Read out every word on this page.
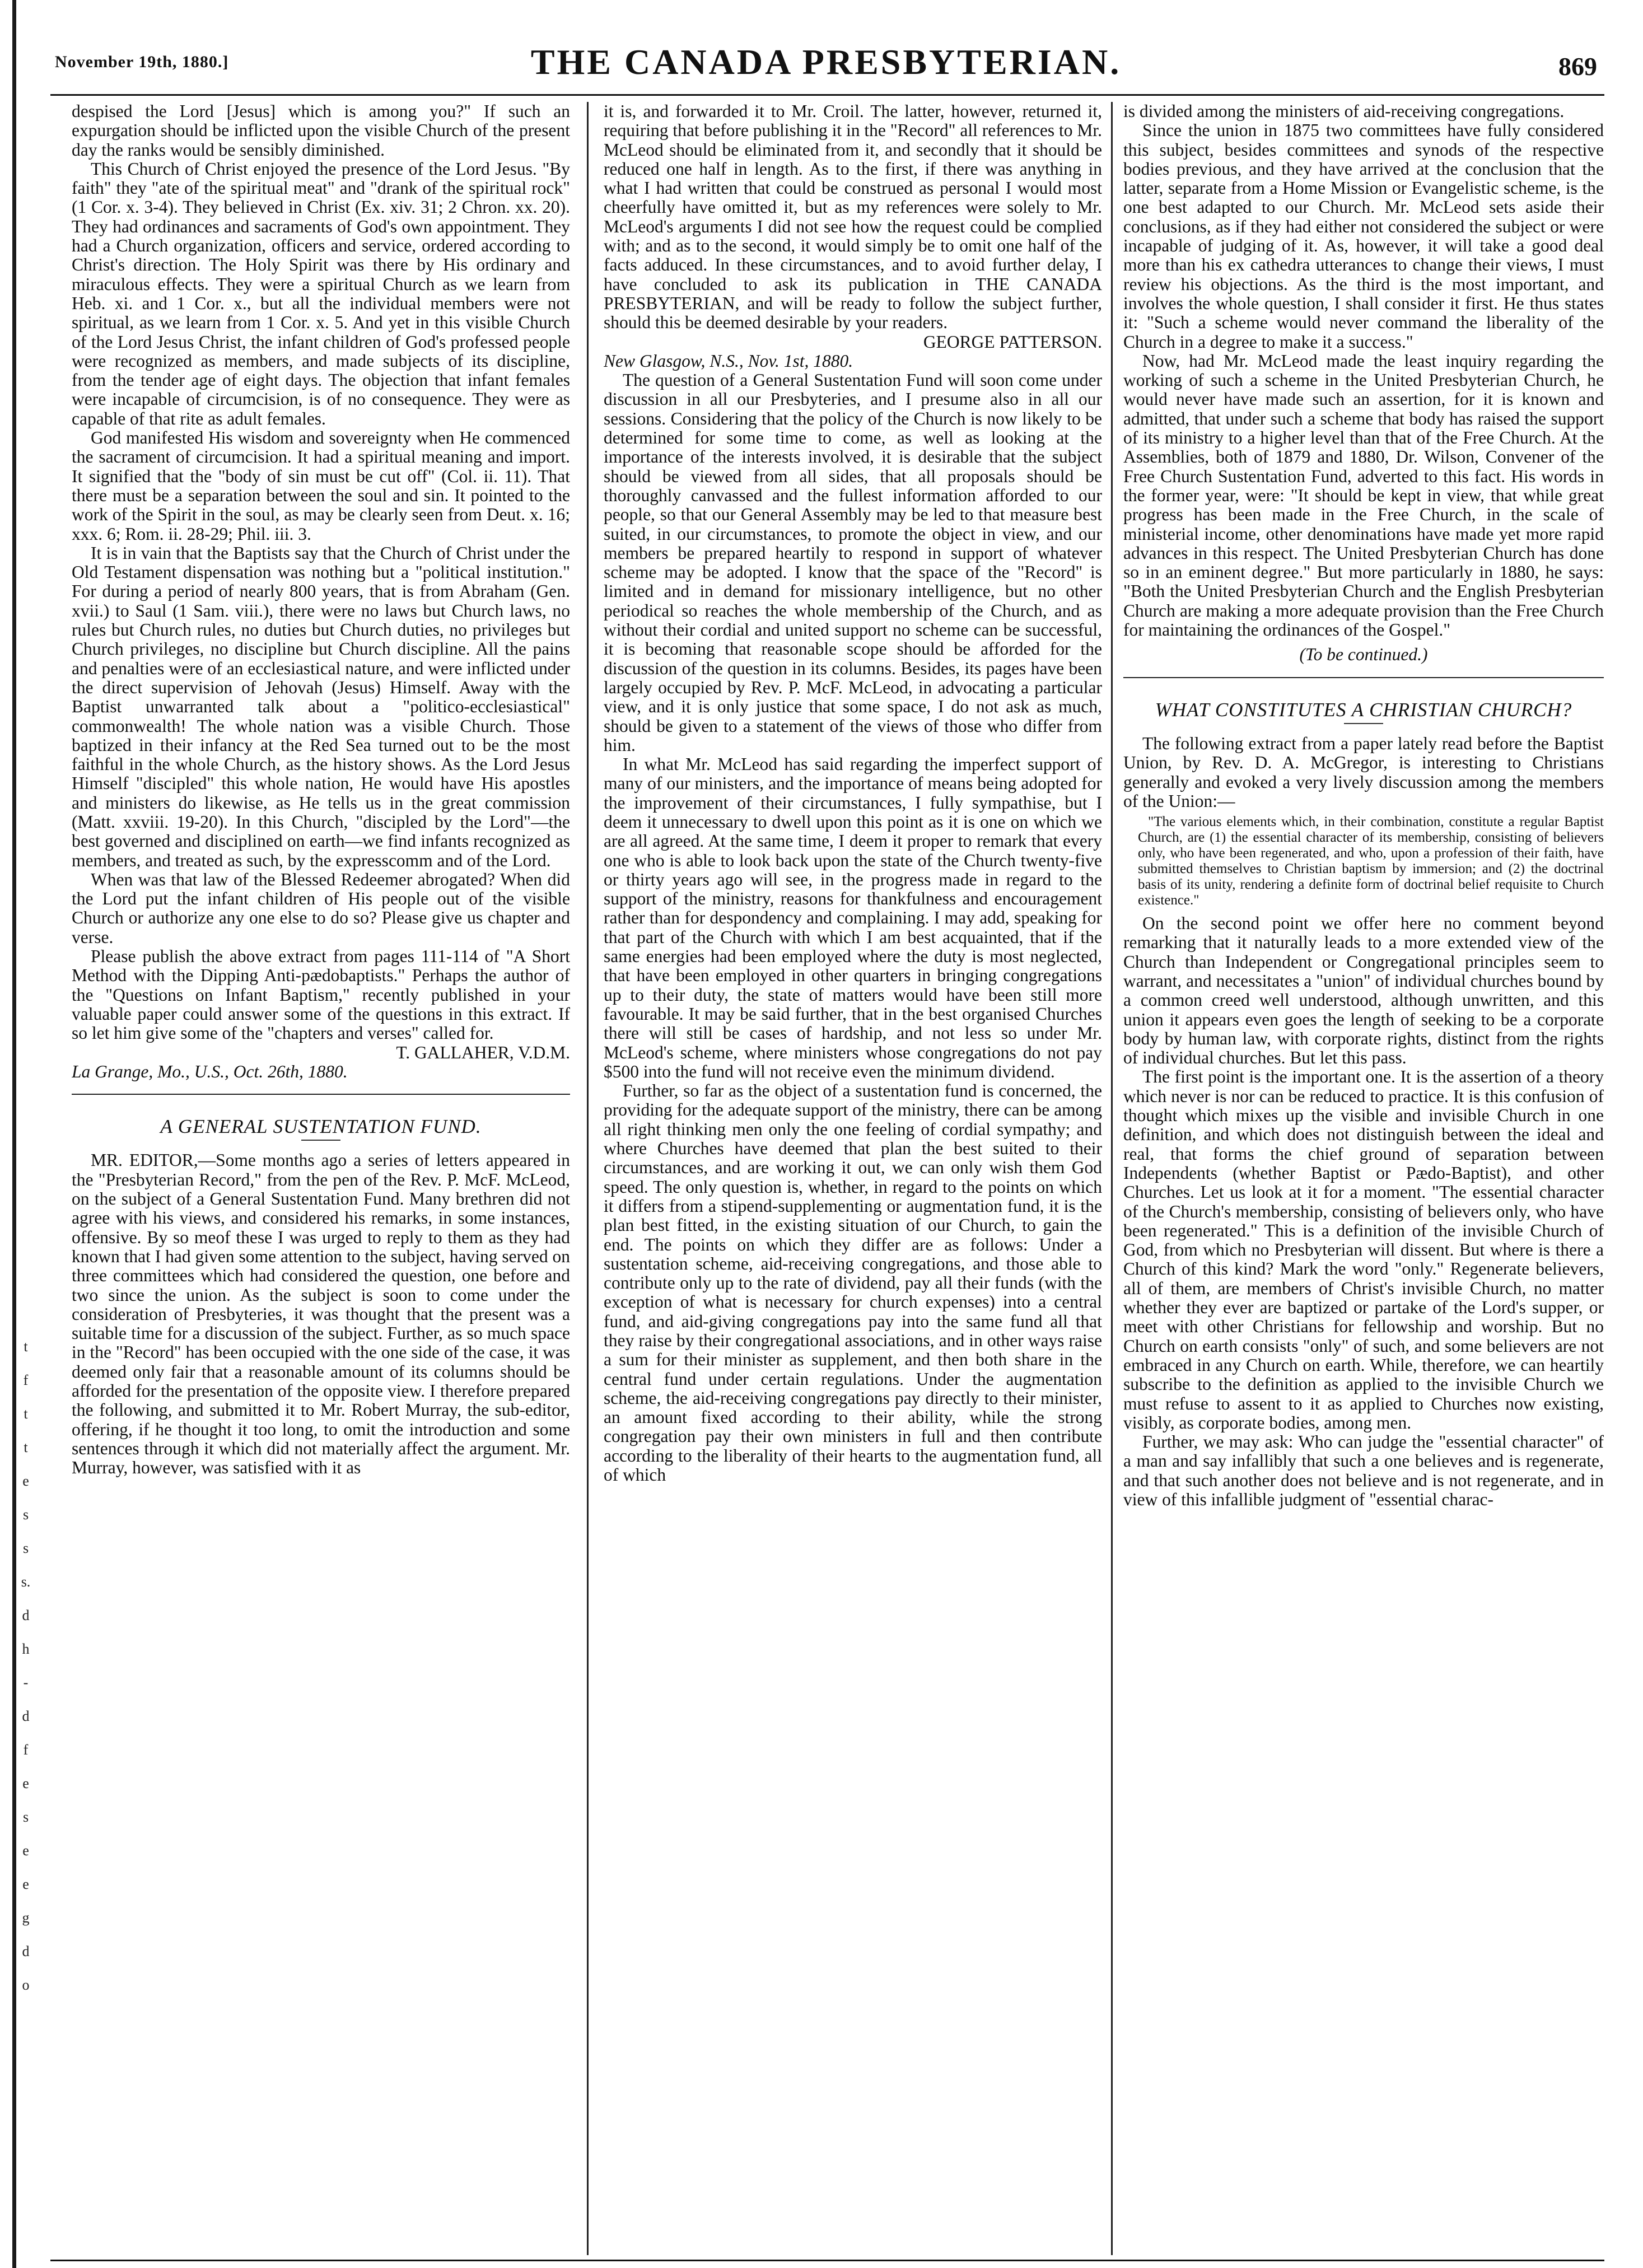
November 19th, 1880.]	THE CANADA PRESBYTERIAN.	869
t
f
t
t
e
s
s
s.
d
h
-
d
f
e
s
e
e
g
d
o

despised the Lord [Jesus] which is among you?" If such an expurgation should be inflicted upon the visible Church of the present day the ranks would be sensibly diminished.

This Church of Christ enjoyed the presence of the Lord Jesus. "By faith" they "ate of the spiritual meat" and "drank of the spiritual rock" (1 Cor. x. 3-4). They believed in Christ (Ex. xiv. 31; 2 Chron. xx. 20). They had ordinances and sacraments of God's own appointment. They had a Church organization, officers and service, ordered according to Christ's direction. The Holy Spirit was there by His ordinary and miraculous effects. They were a spiritual Church as we learn from Heb. xi. and 1 Cor. x., but all the individual members were not spiritual, as we learn from 1 Cor. x. 5. And yet in this visible Church of the Lord Jesus Christ, the infant children of God's professed people were recognized as members, and made subjects of its discipline, from the tender age of eight days. The objection that infant females were incapable of circumcision, is of no consequence. They were as capable of that rite as adult females.

God manifested His wisdom and sovereignty when He commenced the sacrament of circumcision. It had a spiritual meaning and import. It signified that the "body of sin must be cut off" (Col. ii. 11). That there must be a separation between the soul and sin. It pointed to the work of the Spirit in the soul, as may be clearly seen from Deut. x. 16; xxx. 6; Rom. ii. 28-29; Phil. iii. 3.

It is in vain that the Baptists say that the Church of Christ under the Old Testament dispensation was nothing but a "political institution." For during a period of nearly 800 years, that is from Abraham (Gen. xvii.) to Saul (1 Sam. viii.), there were no laws but Church laws, no rules but Church rules, no duties but Church duties, no privileges but Church privileges, no discipline but Church discipline. All the pains and penalties were of an ecclesiastical nature, and were inflicted under the direct supervision of Jehovah (Jesus) Himself. Away with the Baptist unwarranted talk about a "politico-ecclesiastical" commonwealth! The whole nation was a visible Church. Those baptized in their infancy at the Red Sea turned out to be the most faithful in the whole Church, as the history shows. As the Lord Jesus Himself "discipled" this whole nation, He would have His apostles and ministers do likewise, as He tells us in the great commission (Matt. xxviii. 19-20). In this Church, "discipled by the Lord"—the best governed and disciplined on earth—we find infants recognized as members, and treated as such, by the expresscomm and of the Lord.

When was that law of the Blessed Redeemer abrogated? When did the Lord put the infant children of His people out of the visible Church or authorize any one else to do so? Please give us chapter and verse.

Please publish the above extract from pages 111-114 of "A Short Method with the Dipping Anti-pædobaptists." Perhaps the author of the "Questions on Infant Baptism," recently published in your valuable paper could answer some of the questions in this extract. If so let him give some of the "chapters and verses" called for.

T. GALLAHER, V.D.M.

La Grange, Mo., U.S., Oct. 26th, 1880.

A GENERAL SUSTENTATION FUND.

MR. EDITOR,—Some months ago a series of letters appeared in the "Presbyterian Record," from the pen of the Rev. P. McF. McLeod, on the subject of a General Sustentation Fund. Many brethren did not agree with his views, and considered his remarks, in some instances, offensive. By so meof these I was urged to reply to them as they had known that I had given some attention to the subject, having served on three committees which had considered the question, one before and two since the union. As the subject is soon to come under the consideration of Presbyteries, it was thought that the present was a suitable time for a discussion of the subject. Further, as so much space in the "Record" has been occupied with the one side of the case, it was deemed only fair that a reasonable amount of its columns should be afforded for the presentation of the opposite view. I therefore prepared the following, and submitted it to Mr. Robert Murray, the sub-editor, offering, if he thought it too long, to omit the introduction and some sentences through it which did not materially affect the argument. Mr. Murray, however, was satisfied with it as

it is, and forwarded it to Mr. Croil. The latter, however, returned it, requiring that before publishing it in the "Record" all references to Mr. McLeod should be eliminated from it, and secondly that it should be reduced one half in length. As to the first, if there was anything in what I had written that could be construed as personal I would most cheerfully have omitted it, but as my references were solely to Mr. McLeod's arguments I did not see how the request could be complied with; and as to the second, it would simply be to omit one half of the facts adduced. In these circumstances, and to avoid further delay, I have concluded to ask its publication in THE CANADA PRESBYTERIAN, and will be ready to follow the subject further, should this be deemed desirable by your readers.

GEORGE PATTERSON.

New Glasgow, N.S., Nov. 1st, 1880.

The question of a General Sustentation Fund will soon come under discussion in all our Presbyteries, and I presume also in all our sessions. Considering that the policy of the Church is now likely to be determined for some time to come, as well as looking at the importance of the interests involved, it is desirable that the subject should be viewed from all sides, that all proposals should be thoroughly canvassed and the fullest information afforded to our people, so that our General Assembly may be led to that measure best suited, in our circumstances, to promote the object in view, and our members be prepared heartily to respond in support of whatever scheme may be adopted. I know that the space of the "Record" is limited and in demand for missionary intelligence, but no other periodical so reaches the whole membership of the Church, and as without their cordial and united support no scheme can be successful, it is becoming that reasonable scope should be afforded for the discussion of the question in its columns. Besides, its pages have been largely occupied by Rev. P. McF. McLeod, in advocating a particular view, and it is only justice that some space, I do not ask as much, should be given to a statement of the views of those who differ from him.

In what Mr. McLeod has said regarding the imperfect support of many of our ministers, and the importance of means being adopted for the improvement of their circumstances, I fully sympathise, but I deem it unnecessary to dwell upon this point as it is one on which we are all agreed. At the same time, I deem it proper to remark that every one who is able to look back upon the state of the Church twenty-five or thirty years ago will see, in the progress made in regard to the support of the ministry, reasons for thankfulness and encouragement rather than for despondency and complaining. I may add, speaking for that part of the Church with which I am best acquainted, that if the same energies had been employed where the duty is most neglected, that have been employed in other quarters in bringing congregations up to their duty, the state of matters would have been still more favourable. It may be said further, that in the best organised Churches there will still be cases of hardship, and not less so under Mr. McLeod's scheme, where ministers whose congregations do not pay $500 into the fund will not receive even the minimum dividend.

Further, so far as the object of a sustentation fund is concerned, the providing for the adequate support of the ministry, there can be among all right thinking men only the one feeling of cordial sympathy; and where Churches have deemed that plan the best suited to their circumstances, and are working it out, we can only wish them God speed. The only question is, whether, in regard to the points on which it differs from a stipend-supplementing or augmentation fund, it is the plan best fitted, in the existing situation of our Church, to gain the end. The points on which they differ are as follows: Under a sustentation scheme, aid-receiving congregations, and those able to contribute only up to the rate of dividend, pay all their funds (with the exception of what is necessary for church expenses) into a central fund, and aid-giving congregations pay into the same fund all that they raise by their congregational associations, and in other ways raise a sum for their minister as supplement, and then both share in the central fund under certain regulations. Under the augmentation scheme, the aid-receiving congregations pay directly to their minister, an amount fixed according to their ability, while the strong congregation pay their own ministers in full and then contribute according to the liberality of their hearts to the augmentation fund, all of which

is divided among the ministers of aid-receiving congregations.

Since the union in 1875 two committees have fully considered this subject, besides committees and synods of the respective bodies previous, and they have arrived at the conclusion that the latter, separate from a Home Mission or Evangelistic scheme, is the one best adapted to our Church. Mr. McLeod sets aside their conclusions, as if they had either not considered the subject or were incapable of judging of it. As, however, it will take a good deal more than his ex cathedra utterances to change their views, I must review his objections. As the third is the most important, and involves the whole question, I shall consider it first. He thus states it: "Such a scheme would never command the liberality of the Church in a degree to make it a success."

Now, had Mr. McLeod made the least inquiry regarding the working of such a scheme in the United Presbyterian Church, he would never have made such an assertion, for it is known and admitted, that under such a scheme that body has raised the support of its ministry to a higher level than that of the Free Church. At the Assemblies, both of 1879 and 1880, Dr. Wilson, Convener of the Free Church Sustentation Fund, adverted to this fact. His words in the former year, were: "It should be kept in view, that while great progress has been made in the Free Church, in the scale of ministerial income, other denominations have made yet more rapid advances in this respect. The United Presbyterian Church has done so in an eminent degree." But more particularly in 1880, he says: "Both the United Presbyterian Church and the English Presbyterian Church are making a more adequate provision than the Free Church for maintaining the ordinances of the Gospel."

(To be continued.)
WHAT CONSTITUTES A CHRISTIAN CHURCH?

The following extract from a paper lately read before the Baptist Union, by Rev. D. A. McGregor, is interesting to Christians generally and evoked a very lively discussion among the members of the Union:—

"The various elements which, in their combination, constitute a regular Baptist Church, are (1) the essential character of its membership, consisting of believers only, who have been regenerated, and who, upon a profession of their faith, have submitted themselves to Christian baptism by immersion; and (2) the doctrinal basis of its unity, rendering a definite form of doctrinal belief requisite to Church existence."

On the second point we offer here no comment beyond remarking that it naturally leads to a more extended view of the Church than Independent or Congregational principles seem to warrant, and necessitates a "union" of individual churches bound by a common creed well understood, although unwritten, and this union it appears even goes the length of seeking to be a corporate body by human law, with corporate rights, distinct from the rights of individual churches. But let this pass.

The first point is the important one. It is the assertion of a theory which never is nor can be reduced to practice. It is this confusion of thought which mixes up the visible and invisible Church in one definition, and which does not distinguish between the ideal and real, that forms the chief ground of separation between Independents (whether Baptist or Pædo-Baptist), and other Churches. Let us look at it for a moment. "The essential character of the Church's membership, consisting of believers only, who have been regenerated." This is a definition of the invisible Church of God, from which no Presbyterian will dissent. But where is there a Church of this kind? Mark the word "only." Regenerate believers, all of them, are members of Christ's invisible Church, no matter whether they ever are baptized or partake of the Lord's supper, or meet with other Christians for fellowship and worship. But no Church on earth consists "only" of such, and some believers are not embraced in any Church on earth. While, therefore, we can heartily subscribe to the definition as applied to the invisible Church we must refuse to assent to it as applied to Churches now existing, visibly, as corporate bodies, among men.

Further, we may ask: Who can judge the "essential character" of a man and say infallibly that such a one believes and is regenerate, and that such another does not believe and is not regenerate, and in view of this infallible judgment of "essential charac-
